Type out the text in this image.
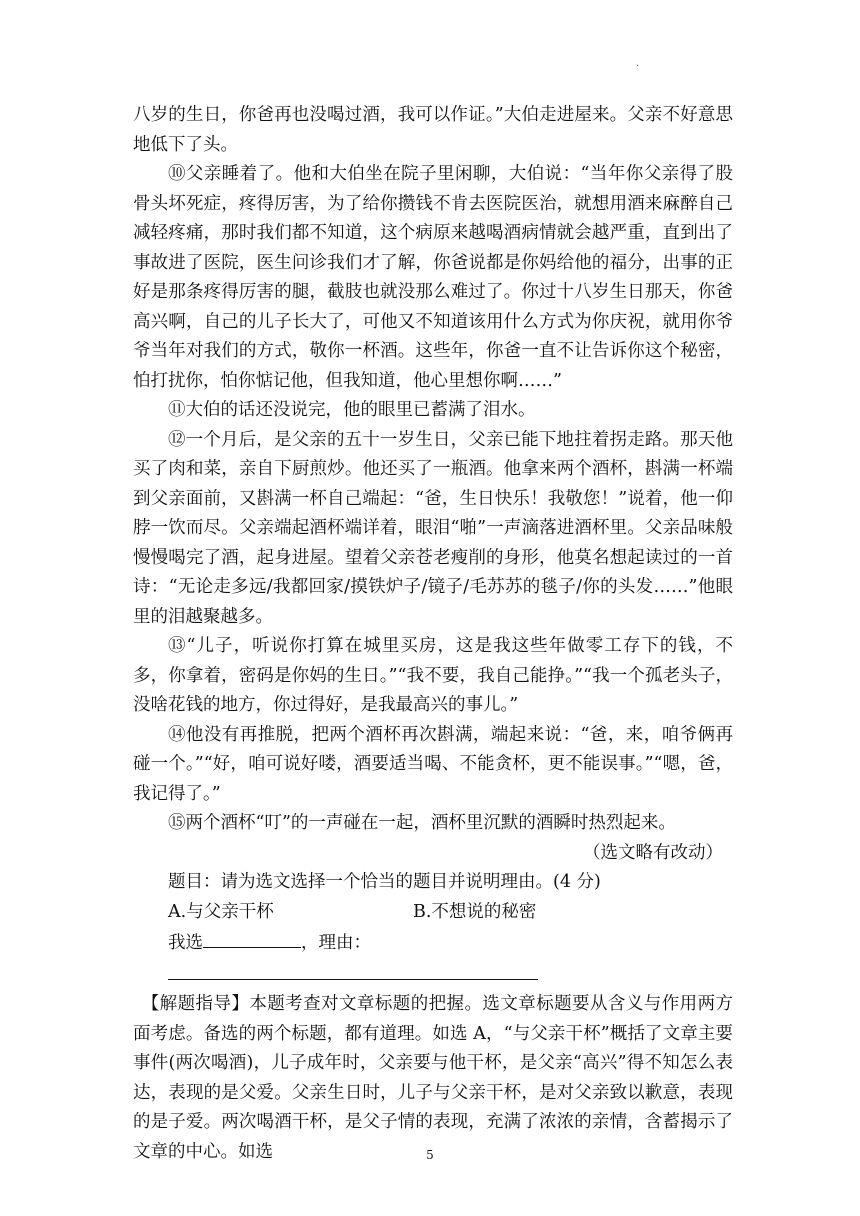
.

八岁的生日，你爸再也没喝过酒，我可以作证。”大伯走进屋来。父亲不好意思地低下了头。

⑩父亲睡着了。他和大伯坐在院子里闲聊，大伯说：“当年你父亲得了股骨头坏死症，疼得厉害，为了给你攒钱不肯去医院医治，就想用酒来麻醉自己减轻疼痛，那时我们都不知道，这个病原来越喝酒病情就会越严重，直到出了事故进了医院，医生问诊我们才了解，你爸说都是你妈给他的福分，出事的正好是那条疼得厉害的腿，截肢也就没那么难过了。你过十八岁生日那天，你爸高兴啊，自己的儿子长大了，可他又不知道该用什么方式为你庆祝，就用你爷爷当年对我们的方式，敬你一杯酒。这些年，你爸一直不让告诉你这个秘密，怕打扰你，怕你惦记他，但我知道，他心里想你啊……”

⑪大伯的话还没说完，他的眼里已蓄满了泪水。

⑫一个月后，是父亲的五十一岁生日，父亲已能下地拄着拐走路。那天他买了肉和菜，亲自下厨煎炒。他还买了一瓶酒。他拿来两个酒杯，斟满一杯端到父亲面前，又斟满一杯自己端起：“爸，生日快乐！我敬您！”说着，他一仰脖一饮而尽。父亲端起酒杯端详着，眼泪“啪”一声滴落进酒杯里。父亲品味般慢慢喝完了酒，起身进屋。望着父亲苍老瘦削的身形，他莫名想起读过的一首诗：“无论走多远/我都回家/摸铁炉子/镜子/毛苏苏的毯子/你的头发……”他眼里的泪越聚越多。

⑬“儿子，听说你打算在城里买房，这是我这些年做零工存下的钱，不多，你拿着，密码是你妈的生日。”“我不要，我自己能挣。”“我一个孤老头子，没啥花钱的地方，你过得好，是我最高兴的事儿。”

⑭他没有再推脱，把两个酒杯再次斟满，端起来说：“爸，来，咱爷俩再碰一个。”“好，咱可说好喽，酒要适当喝、不能贪杯，更不能误事。”“嗯，爸，我记得了。”

⑮两个酒杯“叮”的一声碰在一起，酒杯里沉默的酒瞬时热烈起来。

（选文略有改动）

题目：请为选文选择一个恰当的题目并说明理由。(4 分)

A.与父亲干杯	B.不想说的秘密

我选	，理由：

【解题指导】本题考查对文章标题的把握。选文章标题要从含义与作用两方面考虑。备选的两个标题，都有道理。如选 A，“与父亲干杯”概括了文章主要事件(两次喝酒)，儿子成年时，父亲要与他干杯，是父亲“高兴”得不知怎么表达，表现的是父爱。父亲生日时，儿子与父亲干杯，是对父亲致以歉意，表现的是子爱。两次喝酒干杯，是父子情的表现，充满了浓浓的亲情，含蓄揭示了文章的中心。如选	5
